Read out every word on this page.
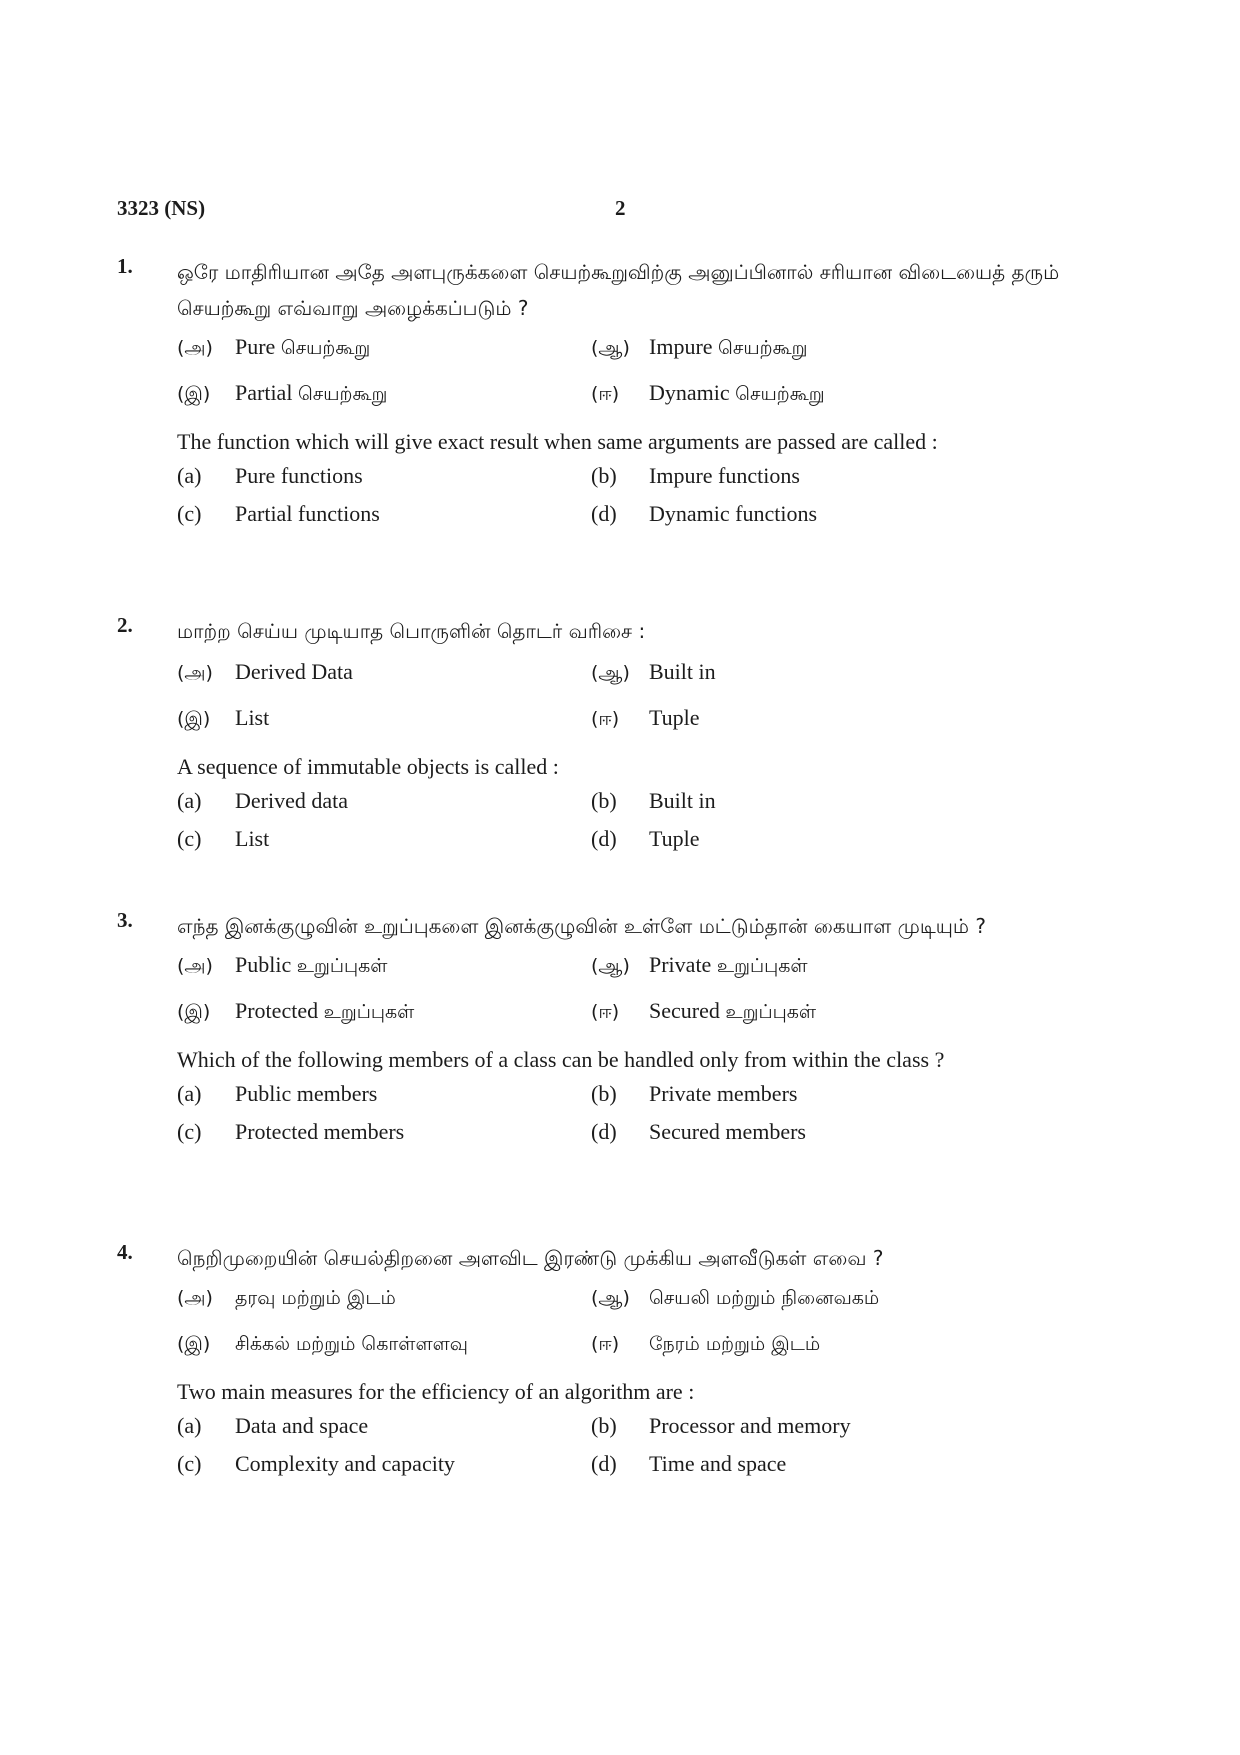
3323 (NS)	2
1. ஒரே மாதிரியான அதே அளபுருக்களை செயற்கூறுவிற்கு அனுப்பினால் சரியான விடையைத் தரும் செயற்கூறு எவ்வாறு அழைக்கப்படும் ?

(அ) Pure செயற்கூறு	(ஆ) Impure செயற்கூறு
(இ) Partial செயற்கூறு	(ஈ) Dynamic செயற்கூறு

The function which will give exact result when same arguments are passed are called :

(a) Pure functions	(b) Impure functions
(c) Partial functions	(d) Dynamic functions
2. மாற்ற செய்ய முடியாத பொருளின் தொடர் வரிசை :

(அ) Derived Data	(ஆ) Built in
(இ) List	(ஈ) Tuple

A sequence of immutable objects is called :

(a) Derived data	(b) Built in
(c) List	(d) Tuple
3. எந்த இனக்குழுவின் உறுப்புகளை இனக்குழுவின் உள்ளே மட்டும்தான் கையாள முடியும் ?

(அ) Public உறுப்புகள்	(ஆ) Private உறுப்புகள்
(இ) Protected உறுப்புகள்	(ஈ) Secured உறுப்புகள்

Which of the following members of a class can be handled only from within the class ?

(a) Public members	(b) Private members
(c) Protected members	(d) Secured members
4. நெறிமுறையின் செயல்திறனை அளவிட இரண்டு முக்கிய அளவீடுகள் எவை ?

(அ) தரவு மற்றும் இடம்	(ஆ) செயலி மற்றும் நினைவகம்
(இ) சிக்கல் மற்றும் கொள்ளளவு	(ஈ) நேரம் மற்றும் இடம்

Two main measures for the efficiency of an algorithm are :

(a) Data and space	(b) Processor and memory
(c) Complexity and capacity	(d) Time and space
